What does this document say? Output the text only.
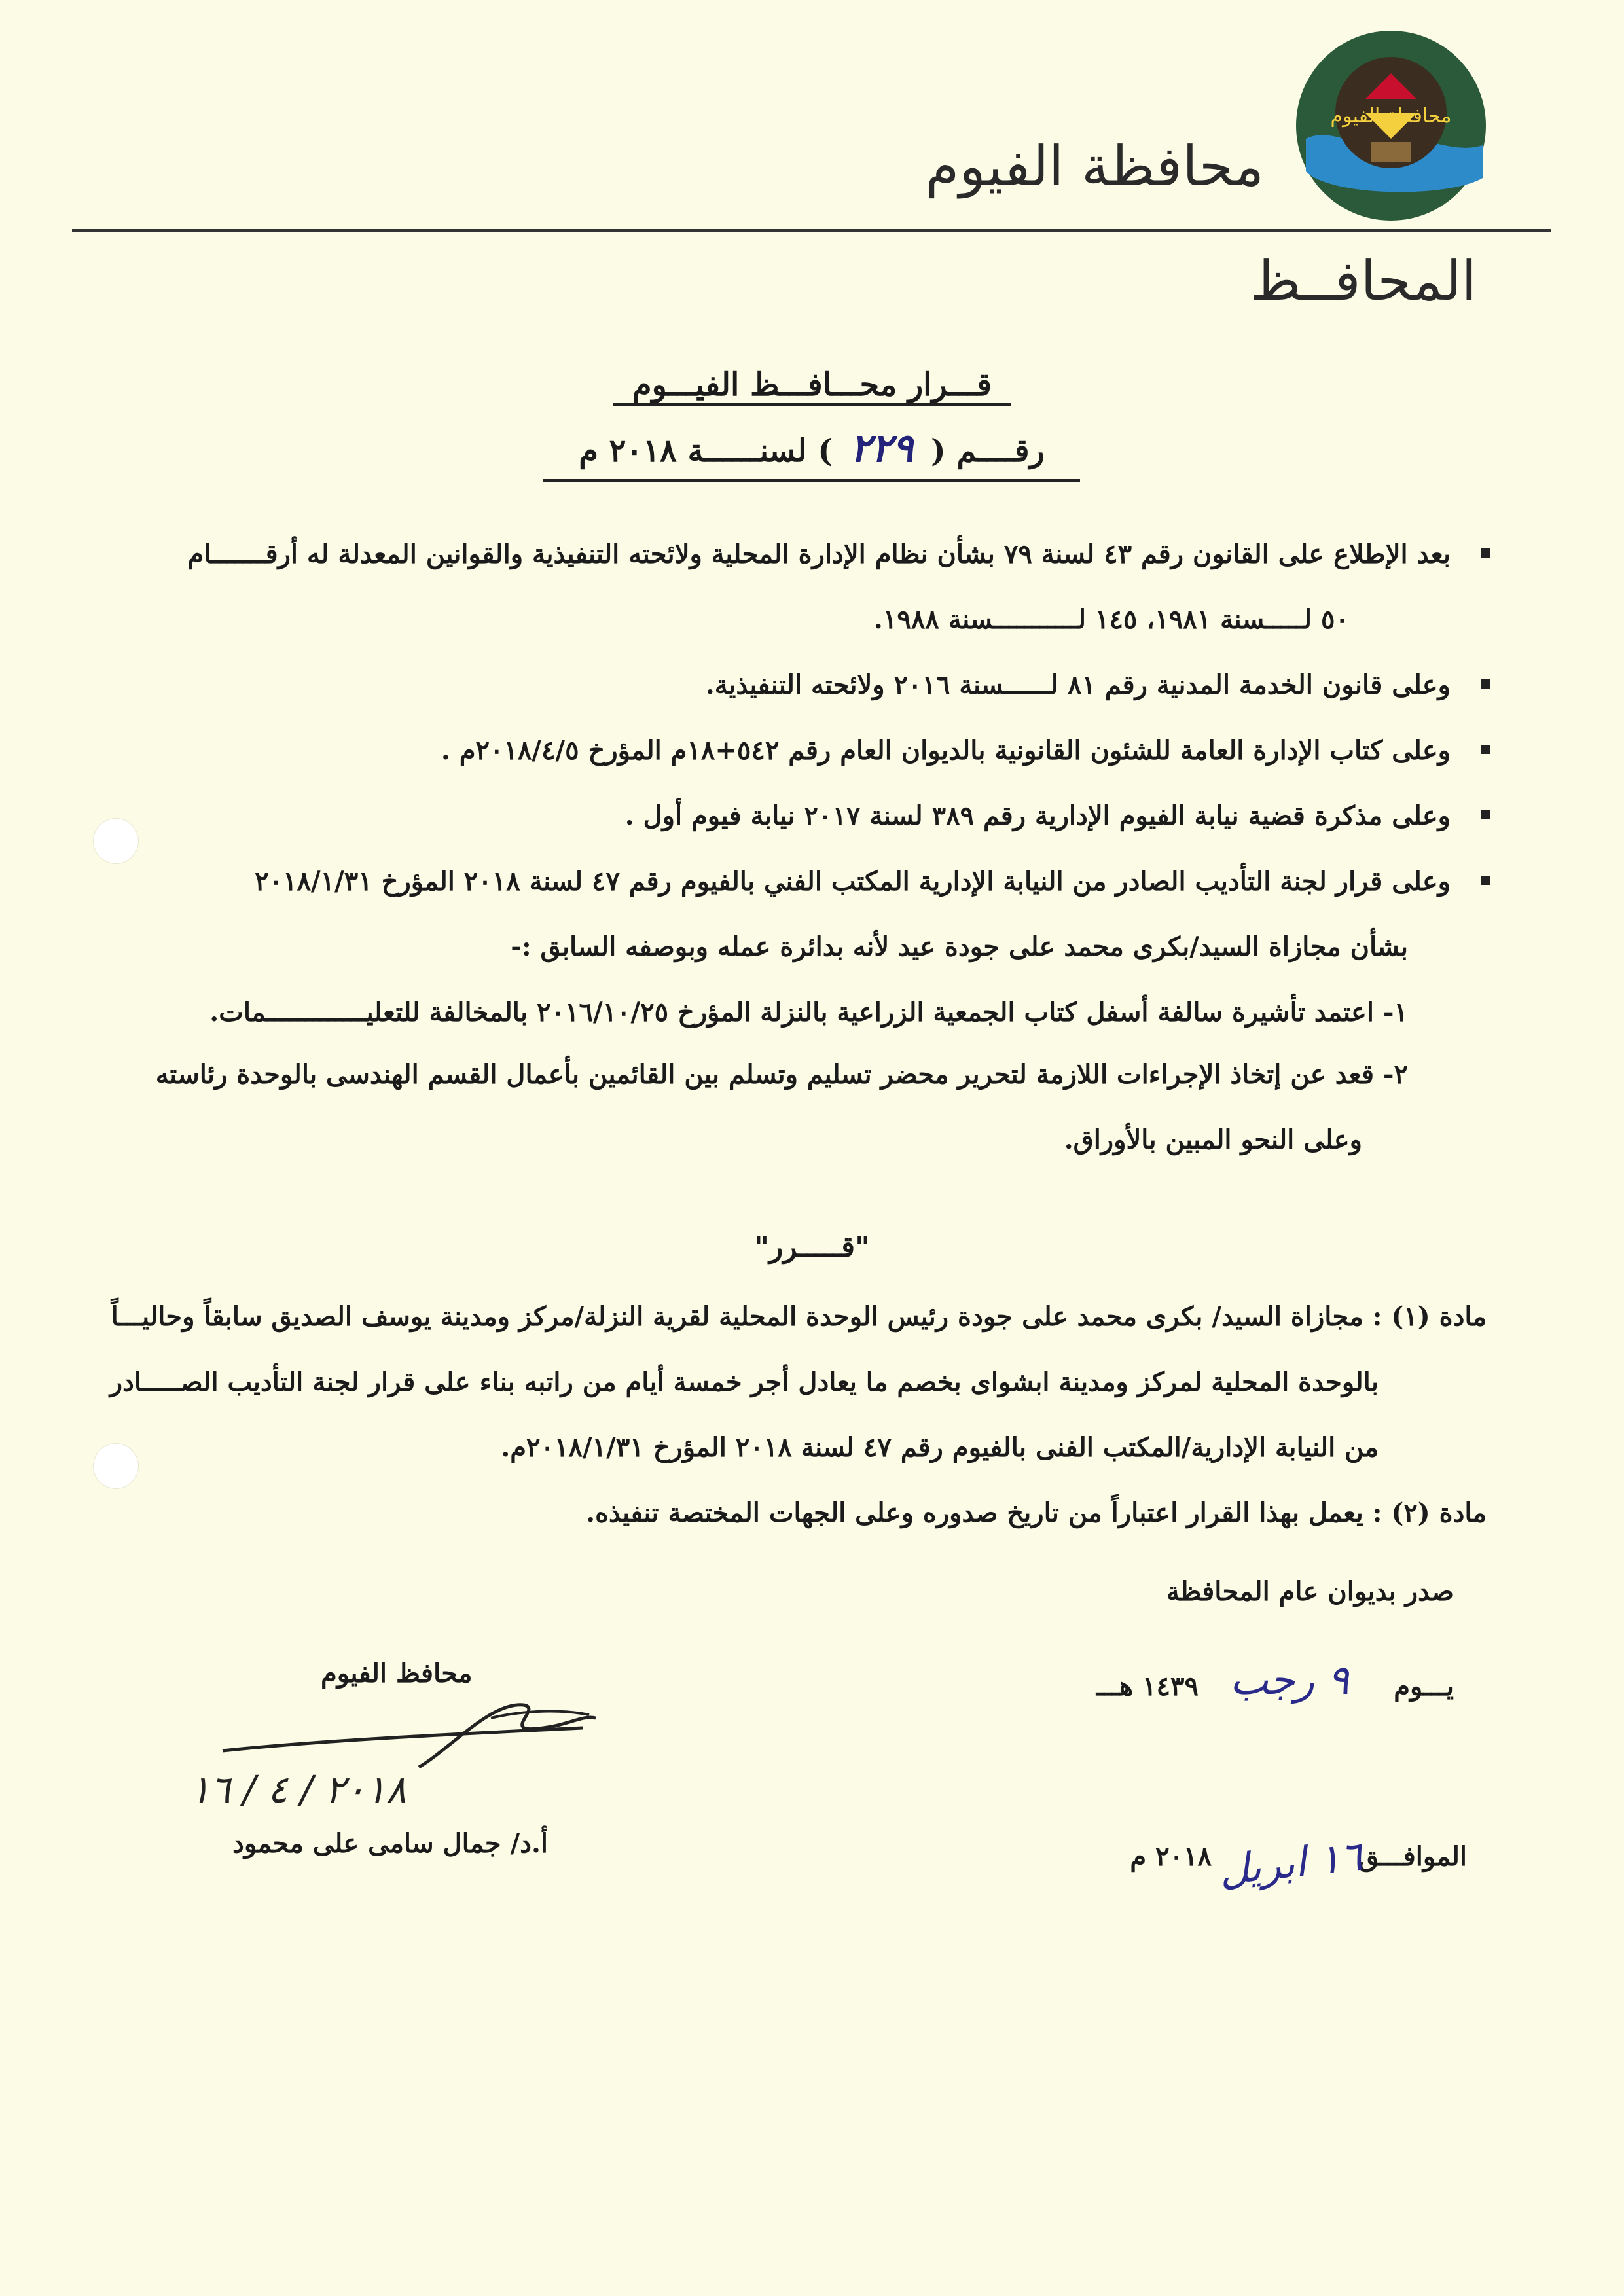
محافظة الفيوم
محافظة الفيوم
المحافــظ
قـــرار محـــافـــظ الفيـــوم
رقــــم ( ٢٢٩ ) لسنــــــة ٢٠١٨ م
بعد الإطلاع على القانون رقم ٤٣ لسنة ٧٩ بشأن نظام الإدارة المحلية ولائحته التنفيذية والقوانين المعدلة له أرقـــــــام
٥٠ لـــــسنة ١٩٨١، ١٤٥ لـــــــــــسنة ١٩٨٨.
وعلى قانون الخدمة المدنية رقم ٨١ لــــــسنة ٢٠١٦ ولائحته التنفيذية.
وعلى كتاب الإدارة العامة للشئون القانونية بالديوان العام رقم ٥٤٢+١٨م المؤرخ ٢٠١٨/٤/٥م .
وعلى مذكرة قضية نيابة الفيوم الإدارية رقم ٣٨٩ لسنة ٢٠١٧ نيابة فيوم أول .
وعلى قرار لجنة التأديب الصادر من النيابة الإدارية المكتب الفني بالفيوم رقم ٤٧ لسنة ٢٠١٨ المؤرخ ٢٠١٨/١/٣١
بشأن مجازاة السيد/بكرى محمد على جودة عيد لأنه بدائرة عمله وبوصفه السابق :-
١- اعتمد تأشيرة سالفة أسفل كتاب الجمعية الزراعية بالنزلة المؤرخ ٢٠١٦/١٠/٢٥ بالمخالفة للتعليـــــــــــــمات.
٢- قعد عن إتخاذ الإجراءات اللازمة لتحرير محضر تسليم وتسلم بين القائمين بأعمال القسم الهندسى بالوحدة رئاسته
وعلى النحو المبين بالأوراق.
"قـــــرر"
مادة (١) : مجازاة السيد/ بكرى محمد على جودة رئيس الوحدة المحلية لقرية النزلة/مركز ومدينة يوسف الصديق سابقاً وحاليـــاً
بالوحدة المحلية لمركز ومدينة ابشواى بخصم ما يعادل أجر خمسة أيام من راتبه بناء على قرار لجنة التأديب الصـــــادر
من النيابة الإدارية/المكتب الفنى بالفيوم رقم ٤٧ لسنة ٢٠١٨ المؤرخ ٢٠١٨/١/٣١م.
مادة (٢) : يعمل بهذا القرار اعتباراً من تاريخ صدوره وعلى الجهات المختصة تنفيذه.
صدر بديوان عام المحافظة
يـــوم
٩ رجب
١٤٣٩ هـــ
الموافـــق
١٦ ابريل
٢٠١٨ م
محافظ الفيوم
٢٠١٨ / ٤ / ١٦
أ.د/ جمال سامى على محمود
